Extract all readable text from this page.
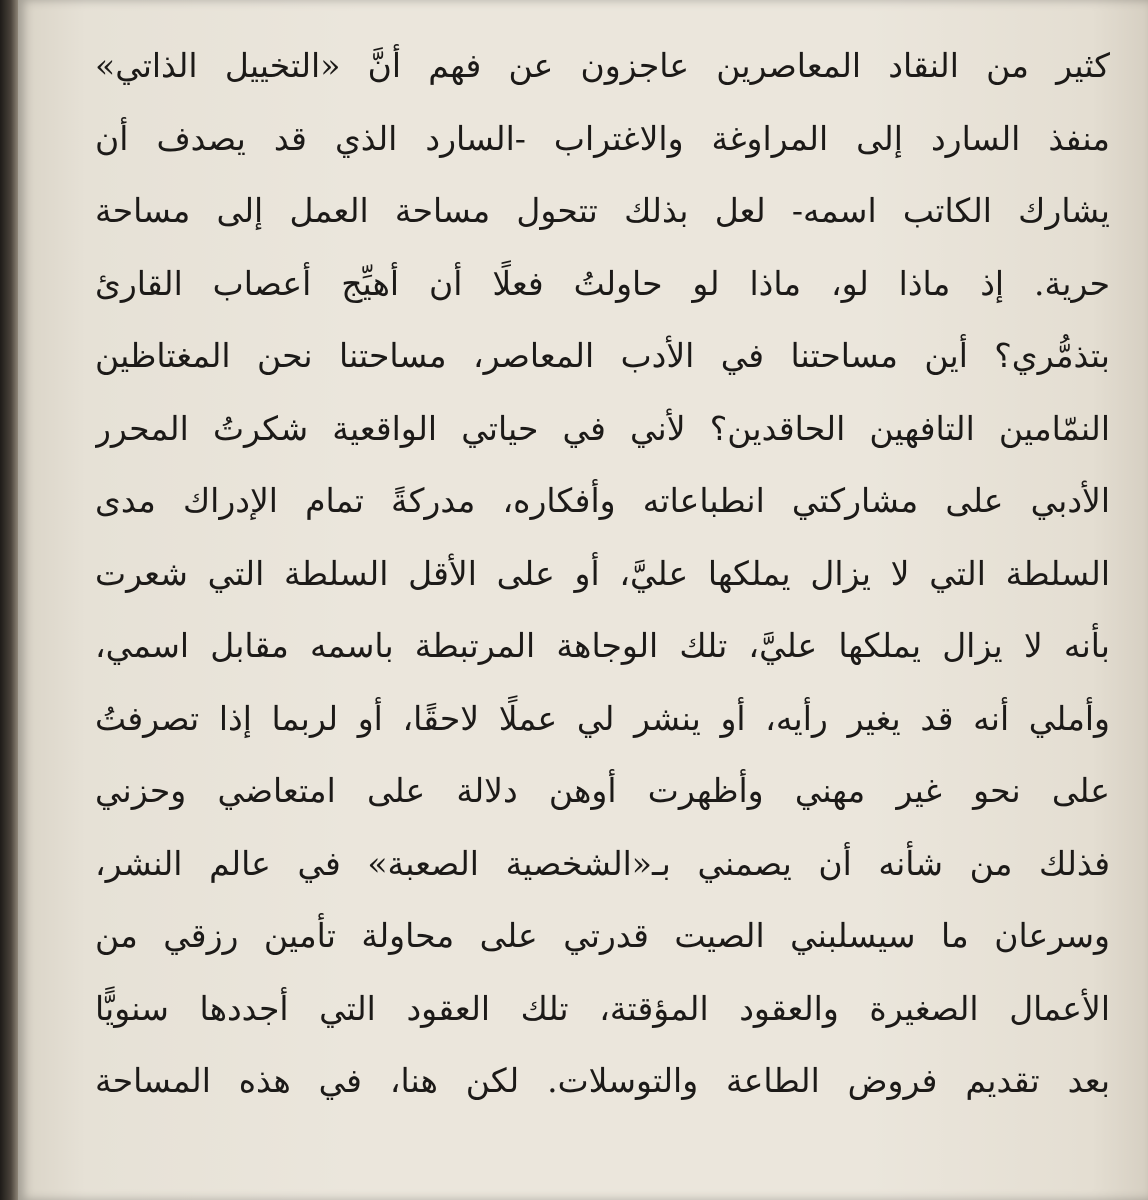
كثير من النقاد المعاصرين عاجزون عن فهم أنَّ «التخييل الذاتي»
منفذ السارد إلى المراوغة والاغتراب -السارد الذي قد يصدف أن
يشارك الكاتب اسمه- لعل بذلك تتحول مساحة العمل إلى مساحة
حرية. إذ ماذا لو، ماذا لو حاولتُ فعلًا أن أهيِّج أعصاب القارئ
بتذمُّري؟ أين مساحتنا في الأدب المعاصر، مساحتنا نحن المغتاظين
النمّامين التافهين الحاقدين؟ لأني في حياتي الواقعية شكرتُ المحرر
الأدبي على مشاركتي انطباعاته وأفكاره، مدركةً تمام الإدراك مدى
السلطة التي لا يزال يملكها عليَّ، أو على الأقل السلطة التي شعرت
بأنه لا يزال يملكها عليَّ، تلك الوجاهة المرتبطة باسمه مقابل اسمي،
وأملي أنه قد يغير رأيه، أو ينشر لي عملًا لاحقًا، أو لربما إذا تصرفتُ
على نحو غير مهني وأظهرت أوهن دلالة على امتعاضي وحزني
فذلك من شأنه أن يصمني بـ«الشخصية الصعبة» في عالم النشر،
وسرعان ما سيسلبني الصيت قدرتي على محاولة تأمين رزقي من
الأعمال الصغيرة والعقود المؤقتة، تلك العقود التي أجددها سنويًّا
بعد تقديم فروض الطاعة والتوسلات. لكن هنا، في هذه المساحة
